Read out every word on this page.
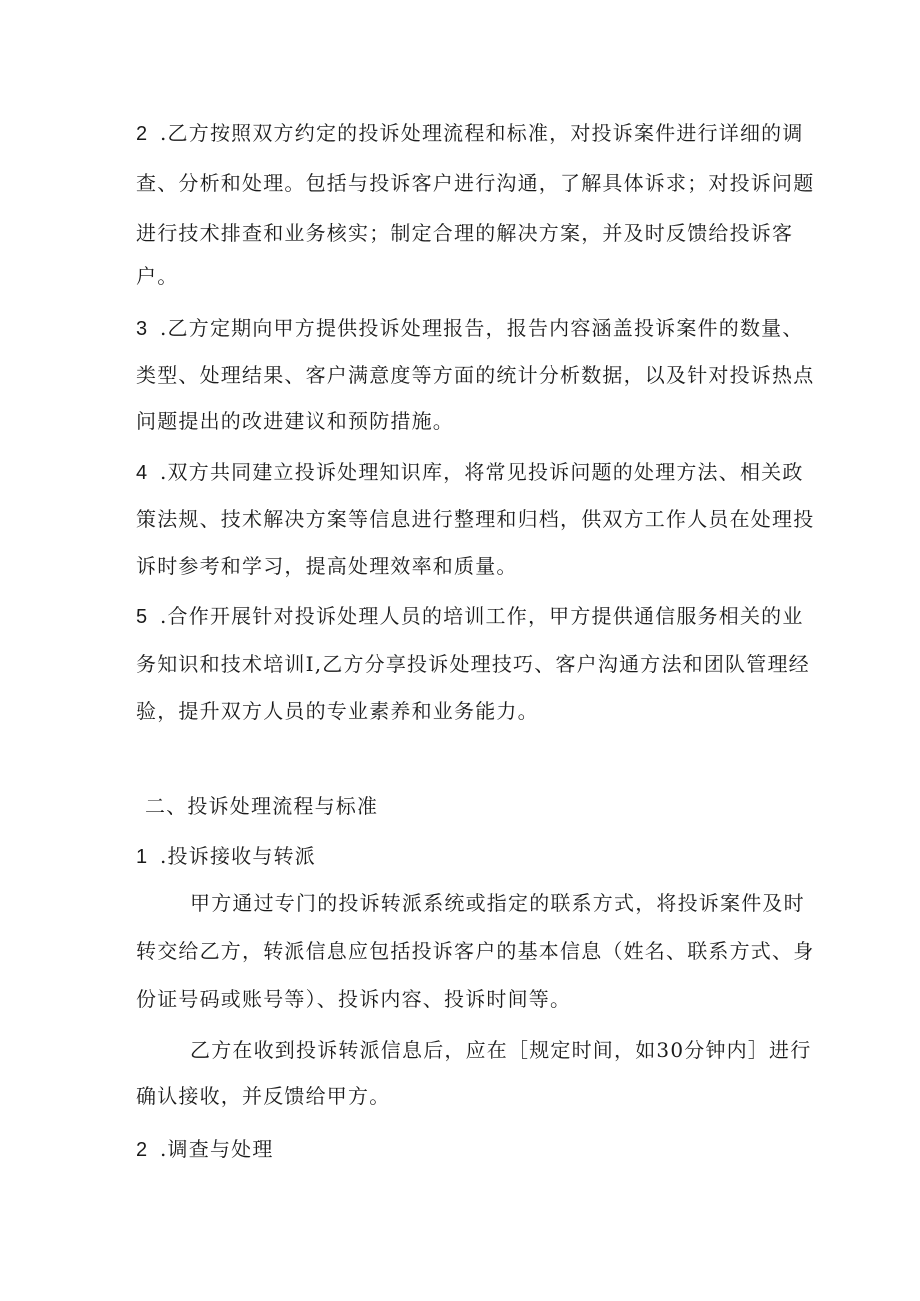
2 .乙方按照双方约定的投诉处理流程和标准，对投诉案件进行详细的调
查、分析和处理。包括与投诉客户进行沟通，了解具体诉求；对投诉问题
进行技术排查和业务核实；制定合理的解决方案，并及时反馈给投诉客
户。
3 .乙方定期向甲方提供投诉处理报告，报告内容涵盖投诉案件的数量、
类型、处理结果、客户满意度等方面的统计分析数据，以及针对投诉热点
问题提出的改进建议和预防措施。
4 .双方共同建立投诉处理知识库，将常见投诉问题的处理方法、相关政
策法规、技术解决方案等信息进行整理和归档，供双方工作人员在处理投
诉时参考和学习，提高处理效率和质量。
5 .合作开展针对投诉处理人员的培训工作，甲方提供通信服务相关的业
务知识和技术培训I,乙方分享投诉处理技巧、客户沟通方法和团队管理经
验，提升双方人员的专业素养和业务能力。
二、投诉处理流程与标准
1 .投诉接收与转派
甲方通过专门的投诉转派系统或指定的联系方式，将投诉案件及时
转交给乙方，转派信息应包括投诉客户的基本信息（姓名、联系方式、身
份证号码或账号等）、投诉内容、投诉时间等。
乙方在收到投诉转派信息后，应在［规定时间，如30分钟内］进行
确认接收，并反馈给甲方。
2 .调查与处理
